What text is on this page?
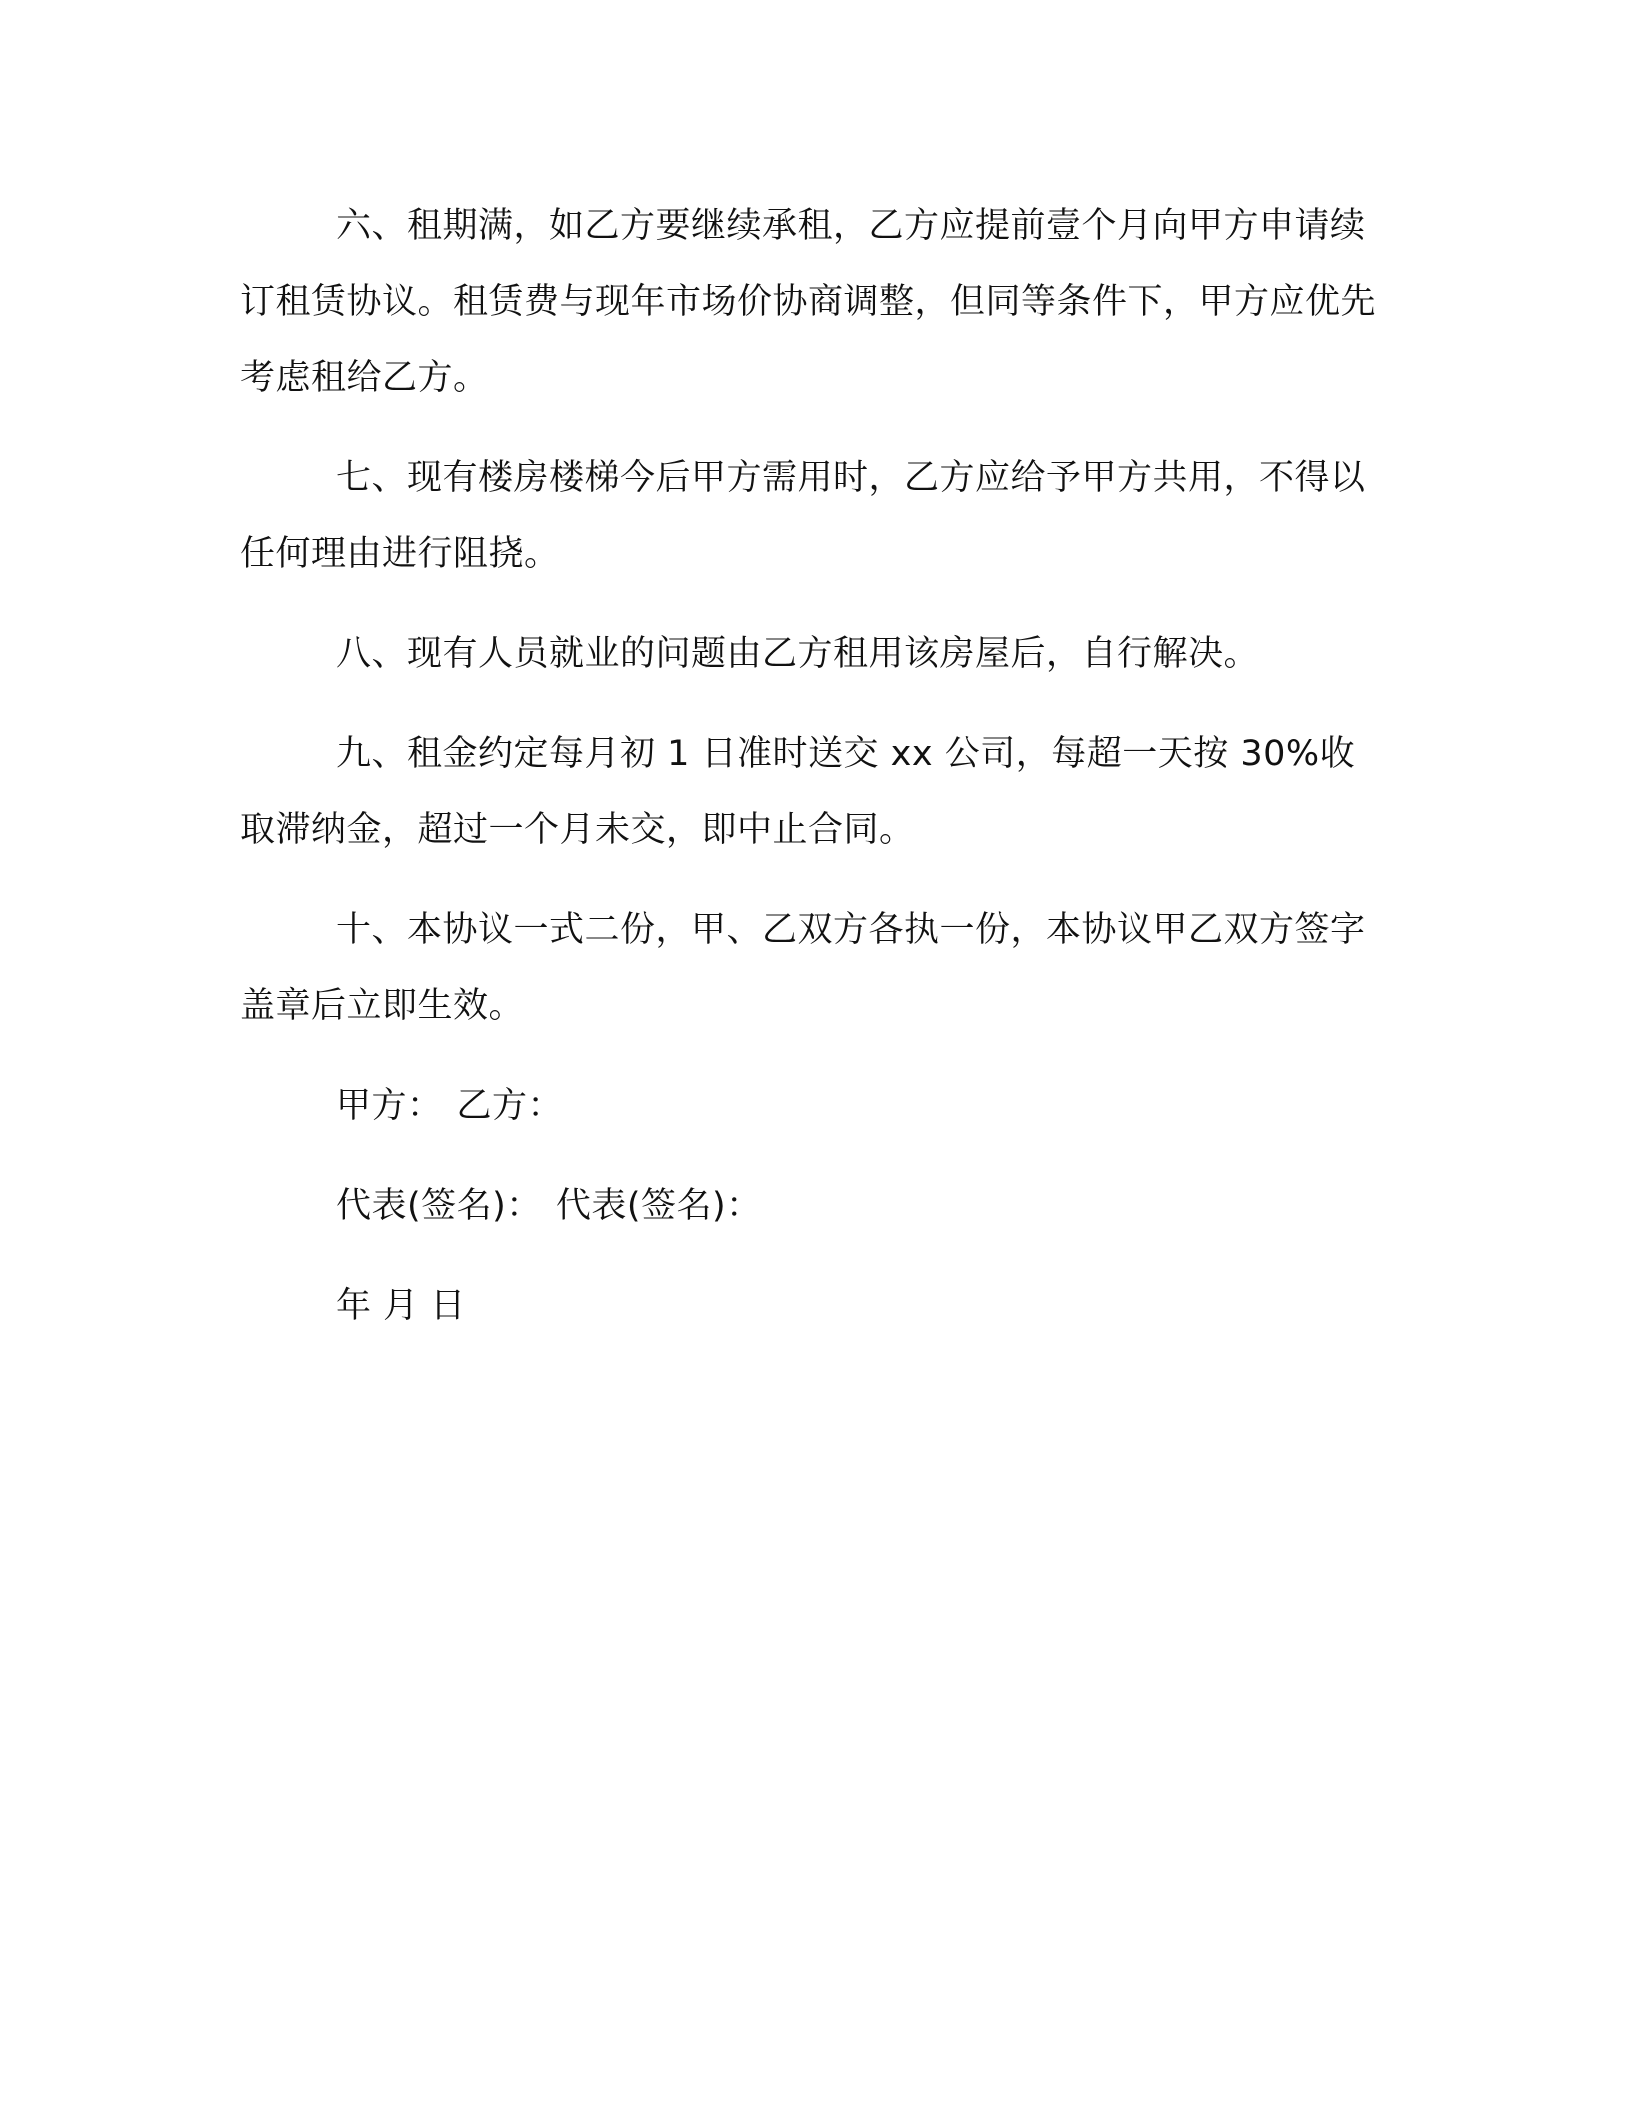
六、租期满，如乙方要继续承租，乙方应提前壹个月向甲方申请续订租赁协议。租赁费与现年市场价协商调整，但同等条件下，甲方应优先考虑租给乙方。

七、现有楼房楼梯今后甲方需用时，乙方应给予甲方共用，不得以任何理由进行阻挠。

八、现有人员就业的问题由乙方租用该房屋后，自行解决。

九、租金约定每月初 1 日准时送交 xx 公司，每超一天按 30%收取滞纳金，超过一个月未交，即中止合同。

十、本协议一式二份，甲、乙双方各执一份，本协议甲乙双方签字盖章后立即生效。

甲方： 乙方：
代表(签名)： 代表(签名)：
年 月 日
